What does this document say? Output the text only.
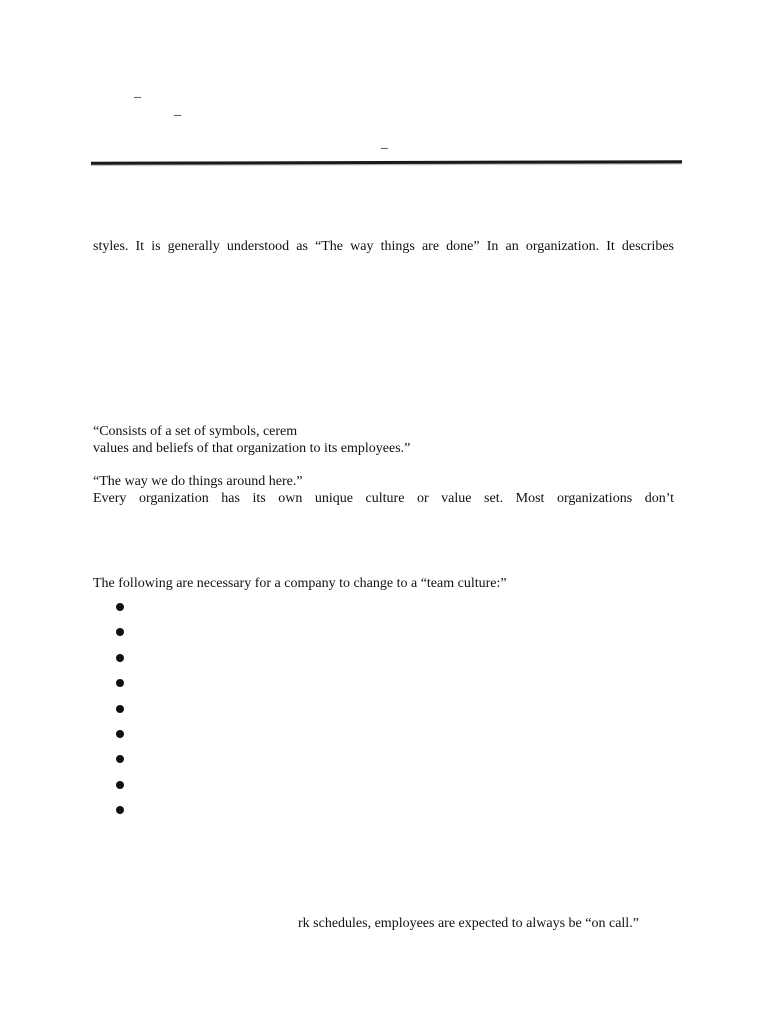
_
_
_
styles. It is generally understood as “The way things are done” In an organization. It describes
“Consists of a set of symbols, cerem
values and beliefs of that organization to its employees.”
“The way we do things around here.”
Every organization has its own unique culture or value set. Most organizations don’t
The following are necessary for a company to change to a “team culture:”
rk schedules, employees are expected to always be “on call.”
